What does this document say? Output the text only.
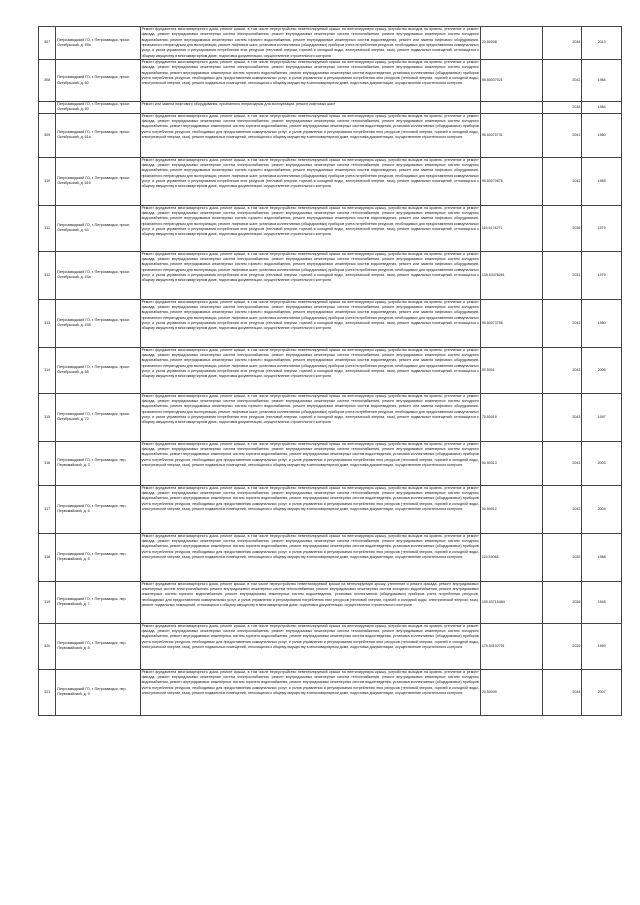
307	Петрозаводский ГО, г. Петрозаводск, просп. Октябрьский, д. 59а	Ремонт фундамента многоквартирного дома, ремонт крыши, в том числе переустройство невентилируемой крыши на вентилируемую крышу, устройство выходов на кровлю, утепление и ремонт фасада, ремонт внутридомовых инженерных систем электроснабжения, ремонт внутридомовых инженерных систем теплоснабжения, ремонт внутридомовых инженерных систем холодного водоснабжения, ремонт внутридомовых инженерных систем горячего водоснабжения, ремонт внутридомовых инженерных систем водоотведения, ремонт или замена лифтового оборудования, признанного непригодным для эксплуатации, ремонт лифтовых шахт, установка коллективных (общедомовых) приборов учета потребления ресурсов, необходимых для предоставления коммунальных услуг, и узлов управления и регулирования потребления этих ресурсов (тепловой энергии, горячей и холодной воды, электрической энергии, газа), ремонт подвальных помещений, относящихся к общему имуществу в многоквартирном доме, подготовка документации, осуществление строительного контроля	20.50008	2044	2013
308	Петрозаводский ГО, г. Петрозаводск, просп. Октябрьский, д. 60	Ремонт фундамента многоквартирного дома, ремонт крыши, в том числе переустройство невентилируемой крыши на вентилируемую крышу, устройство выходов на кровлю, утепление и ремонт фасада, ремонт внутридомовых инженерных систем электроснабжения, ремонт внутридомовых инженерных систем теплоснабжения, ремонт внутридомовых инженерных систем холодного водоснабжения, ремонт внутридомовых инженерных систем горячего водоснабжения, ремонт внутридомовых инженерных систем водоотведения, установка коллективных (общедомовых) приборов учета потребления ресурсов, необходимых для предоставления коммунальных услуг, и узлов управления и регулирования потребления этих ресурсов (тепловой энергии, горячей и холодной воды, электрической энергии, газа), ремонт подвальных помещений, относящихся к общему имуществу в многоквартирном доме, подготовка документации, осуществление строительного контроля	95.50007021	2042	1984
	Петрозаводский ГО, г. Петрозаводск, просп. Октябрьский, д. 60	Ремонт или замена лифтового оборудования, признанного непригодным для эксплуатации, ремонт лифтовых шахт		2018	1984
309	Петрозаводский ГО, г. Петрозаводск, просп. Октябрьский, д. 61а	Ремонт фундамента многоквартирного дома, ремонт крыши, в том числе переустройство невентилируемой крыши на вентилируемую крышу, устройство выходов на кровлю, утепление и ремонт фасада, ремонт внутридомовых инженерных систем электроснабжения, ремонт внутридомовых инженерных систем теплоснабжения, ремонт внутридомовых инженерных систем холодного водоснабжения, ремонт внутридомовых инженерных систем горячего водоснабжения, ремонт внутридомовых инженерных систем водоотведения, установка коллективных (общедомовых) приборов учета потребления ресурсов, необходимых для предоставления коммунальных услуг, и узлов управления и регулирования потребления этих ресурсов (тепловой энергии, горячей и холодной воды, электрической энергии, газа), ремонт подвальных помещений, относящихся к общему имуществу в многоквартирном доме, подготовка документации, осуществление строительного контроля	95.50070731	2041	1980
310	Петрозаводский ГО, г. Петрозаводск, просп. Октябрьский, д. 61б	Ремонт фундамента многоквартирного дома, ремонт крыши, в том числе переустройство невентилируемой крыши на вентилируемую крышу, устройство выходов на кровлю, утепление и ремонт фасада, ремонт внутридомовых инженерных систем электроснабжения, ремонт внутридомовых инженерных систем теплоснабжения, ремонт внутридомовых инженерных систем холодного водоснабжения, ремонт внутридомовых инженерных систем горячего водоснабжения, ремонт внутридомовых инженерных систем водоотведения, ремонт или замена лифтового оборудования, признанного непригодным для эксплуатации, ремонт лифтовых шахт, установка коллективных (общедомовых) приборов учета потребления ресурсов, необходимых для предоставления коммунальных услуг, и узлов управления и регулирования потребления этих ресурсов (тепловой энергии, горячей и холодной воды, электрической энергии, газа), ремонт подвальных помещений, относящихся к общему имуществу в многоквартирном доме, подготовка документации, осуществление строительного контроля	95.50070676	2041	1985
311	Петрозаводский ГО, г. Петрозаводск, просп. Октябрьский, д. 63	Ремонт фундамента многоквартирного дома, ремонт крыши, в том числе переустройство невентилируемой крыши на вентилируемую крышу, устройство выходов на кровлю, утепление и ремонт фасада, ремонт внутридомовых инженерных систем электроснабжения, ремонт внутридомовых инженерных систем теплоснабжения, ремонт внутридомовых инженерных систем холодного водоснабжения, ремонт внутридомовых инженерных систем горячего водоснабжения, ремонт внутридомовых инженерных систем водоотведения, ремонт или замена лифтового оборудования, признанного непригодным для эксплуатации, ремонт лифтовых шахт, установка коллективных (общедомовых) приборов учета потребления ресурсов, необходимых для предоставления коммунальных услуг, и узлов управления и регулирования потребления этих ресурсов (тепловой энергии, горячей и холодной воды, электрической энергии, газа), ремонт подвальных помещений, относящихся к общему имуществу в многоквартирном доме, подготовка документации, осуществление строительного контроля	115.5174271	2036	1979
312	Петрозаводский ГО, г. Петрозаводск, просп. Октябрьский, д. 43а	Ремонт фундамента многоквартирного дома, ремонт крыши, в том числе переустройство невентилируемой крыши на вентилируемую крышу, устройство выходов на кровлю, утепление и ремонт фасада, ремонт внутридомовых инженерных систем электроснабжения, ремонт внутридомовых инженерных систем теплоснабжения, ремонт внутридомовых инженерных систем холодного водоснабжения, ремонт внутридомовых инженерных систем горячего водоснабжения, ремонт внутридомовых инженерных систем водоотведения, ремонт или замена лифтового оборудования, признанного непригодным для эксплуатации, ремонт лифтовых шахт, установка коллективных (общедомовых) приборов учета потребления ресурсов, необходимых для предоставления коммунальных услуг, и узлов управления и регулирования потребления этих ресурсов (тепловой энергии, горячей и холодной воды, электрической энергии, газа), ремонт подвальных помещений, относящихся к общему имуществу в многоквартирном доме, подготовка документации, осуществление строительного контроля	135.53476061	2031	1979
313	Петрозаводский ГО, г. Петрозаводск, просп. Октябрьский, д. 43б	Ремонт фундамента многоквартирного дома, ремонт крыши, в том числе переустройство невентилируемой крыши на вентилируемую крышу, устройство выходов на кровлю, утепление и ремонт фасада, ремонт внутридомовых инженерных систем электроснабжения, ремонт внутридомовых инженерных систем теплоснабжения, ремонт внутридомовых инженерных систем холодного водоснабжения, ремонт внутридомовых инженерных систем горячего водоснабжения, ремонт внутридомовых инженерных систем водоотведения, ремонт или замена лифтового оборудования, признанного непригодным для эксплуатации, ремонт лифтовых шахт, установка коллективных (общедомовых) приборов учета потребления ресурсов, необходимых для предоставления коммунальных услуг, и узлов управления и регулирования потребления этих ресурсов (тепловой энергии, горячей и холодной воды, электрической энергии, газа), ремонт подвальных помещений, относящихся к общему имуществу в многоквартирном доме, подготовка документации, осуществление строительного контроля	95.50073756	2041	1980
314	Петрозаводский ГО, г. Петрозаводск, просп. Октябрьский, д. 68	Ремонт фундамента многоквартирного дома, ремонт крыши, в том числе переустройство невентилируемой крыши на вентилируемую крышу, устройство выходов на кровлю, утепление и ремонт фасада, ремонт внутридомовых инженерных систем электроснабжения, ремонт внутридомовых инженерных систем теплоснабжения, ремонт внутридомовых инженерных систем холодного водоснабжения, ремонт внутридомовых инженерных систем горячего водоснабжения, ремонт внутридомовых инженерных систем водоотведения, ремонт или замена лифтового оборудования, признанного непригодным для эксплуатации, ремонт лифтовых шахт, установка коллективных (общедомовых) приборов учета потребления ресурсов, необходимых для предоставления коммунальных услуг, и узлов управления и регулирования потребления этих ресурсов (тепловой энергии, горячей и холодной воды, электрической энергии, газа), ремонт подвальных помещений, относящихся к общему имуществу в многоквартирном доме, подготовка документации, осуществление строительного контроля	50.5001	2043	2006
315	Петрозаводский ГО, г. Петрозаводск, просп. Октябрьский, д. 70	Ремонт фундамента многоквартирного дома, ремонт крыши, в том числе переустройство невентилируемой крыши на вентилируемую крышу, устройство выходов на кровлю, утепление и ремонт фасада, ремонт внутридомовых инженерных систем электроснабжения, ремонт внутридомовых инженерных систем теплоснабжения, ремонт внутридомовых инженерных систем холодного водоснабжения, ремонт внутридомовых инженерных систем горячего водоснабжения, ремонт внутридомовых инженерных систем водоотведения, ремонт или замена лифтового оборудования, признанного непригодным для эксплуатации, ремонт лифтовых шахт, установка коллективных (общедомовых) приборов учета потребления ресурсов, необходимых для предоставления коммунальных услуг, и узлов управления и регулирования потребления этих ресурсов (тепловой энергии, горячей и холодной воды, электрической энергии, газа), ремонт подвальных помещений, относящихся к общему имуществу в многоквартирном доме, подготовка документации, осуществление строительного контроля	75.50019	2043	1997
316	Петрозаводский ГО, г. Петрозаводск, пер. Первомайский, д. 3	Ремонт фундамента многоквартирного дома, ремонт крыши, в том числе переустройство невентилируемой крыши на вентилируемую крышу, устройство выходов на кровлю, утепление и ремонт фасада, ремонт внутридомовых инженерных систем электроснабжения, ремонт внутридомовых инженерных систем теплоснабжения, ремонт внутридомовых инженерных систем холодного водоснабжения, ремонт внутридомовых инженерных систем горячего водоснабжения, ремонт внутридомовых инженерных систем водоотведения, установка коллективных (общедомовых) приборов учета потребления ресурсов, необходимых для предоставления коммунальных услуг, и узлов управления и регулирования потребления этих ресурсов (тепловой энергии, горячей и холодной воды, электрической энергии, газа), ремонт подвальных помещений, относящихся к общему имуществу в многоквартирном доме, подготовка документации, осуществление строительного контроля	50.50013	2043	2003
317	Петрозаводский ГО, г. Петрозаводск, пер. Первомайский, д. 6	Ремонт фундамента многоквартирного дома, ремонт крыши, в том числе переустройство невентилируемой крыши на вентилируемую крышу, устройство выходов на кровлю, утепление и ремонт фасада, ремонт внутридомовых инженерных систем электроснабжения, ремонт внутридомовых инженерных систем теплоснабжения, ремонт внутридомовых инженерных систем холодного водоснабжения, ремонт внутридомовых инженерных систем горячего водоснабжения, ремонт внутридомовых инженерных систем водоотведения, установка коллективных (общедомовых) приборов учета потребления ресурсов, необходимых для предоставления коммунальных услуг, и узлов управления и регулирования потребления этих ресурсов (тепловой энергии, горячей и холодной воды, электрической энергии, газа), ремонт подвальных помещений, относящихся к общему имуществу в многоквартирном доме, подготовка документации, осуществление строительного контроля	50.50012	2043	2004
318	Петрозаводский ГО, г. Петрозаводск, пер. Первомайский, д. 5	Ремонт фундамента многоквартирного дома, ремонт крыши, в том числе переустройство невентилируемой крыши на вентилируемую крышу, устройство выходов на кровлю, утепление и ремонт фасада, ремонт внутридомовых инженерных систем электроснабжения, ремонт внутридомовых инженерных систем теплоснабжения, ремонт внутридомовых инженерных систем холодного водоснабжения, ремонт внутридомовых инженерных систем горячего водоснабжения, ремонт внутридомовых инженерных систем водоотведения, установка коллективных (общедомовых) приборов учета потребления ресурсов, необходимых для предоставления коммунальных услуг, и узлов управления и регулирования потребления этих ресурсов (тепловой энергии, горячей и холодной воды, электрической энергии, газа), ремонт подвальных помещений, относящихся к общему имуществу в многоквартирном доме, подготовка документации, осуществление строительного контроля	115.53048	2035	1988
319	Петрозаводский ГО, г. Петрозаводск, пер. Первомайский, д. 7	Ремонт фундамента многоквартирного дома, ремонт крыши, в том числе переустройство невентилируемой крыши на вентилируемую крышу, утепление и ремонт фасада, ремонт внутридомовых инженерных систем электроснабжения, ремонт внутридомовых инженерных систем теплоснабжения, ремонт внутридомовых инженерных систем холодного водоснабжения, ремонт внутридомовых инженерных систем горячего водоснабжения, ремонт внутридомовых инженерных систем водоотведения, установка коллективных (общедомовых) приборов учета потребления ресурсов, необходимых для предоставления коммунальных услуг, и узлов управления и регулирования потребления этих ресурсов (тепловой энергии, горячей и холодной воды, электрической энергии, газа), ремонт подвальных помещений, относящихся к общему имуществу в многоквартирном доме, подготовка документации, осуществление строительного контроля	155.53715484	2026	1945
320	Петрозаводский ГО, г. Петрозаводск, пер. Первомайский, д. 8	Ремонт фундамента многоквартирного дома, ремонт крыши, в том числе переустройство невентилируемой крыши на вентилируемую крышу, устройство выходов на кровлю, утепление и ремонт фасада, ремонт внутридомовых инженерных систем электроснабжения, ремонт внутридомовых инженерных систем теплоснабжения, ремонт внутридомовых инженерных систем холодного водоснабжения, ремонт внутридомовых инженерных систем горячего водоснабжения, ремонт внутридомовых инженерных систем водоотведения, установка коллективных (общедомовых) приборов учета потребления ресурсов, необходимых для предоставления коммунальных услуг, и узлов управления и регулирования потребления этих ресурсов (тепловой энергии, горячей и холодной воды, электрической энергии, газа), ремонт подвальных помещений, относящихся к общему имуществу в многоквартирном доме, подготовка документации, осуществление строительного контроля	175.54102751	2029	1959
321	Петрозаводский ГО, г. Петрозаводск, пер. Первомайский, д. 9	Ремонт фундамента многоквартирного дома, ремонт крыши, в том числе переустройство невентилируемой крыши на вентилируемую крышу, устройство выходов на кровлю, утепление и ремонт фасада, ремонт внутридомовых инженерных систем электроснабжения, ремонт внутридомовых инженерных систем теплоснабжения, ремонт внутридомовых инженерных систем холодного водоснабжения, ремонт внутридомовых инженерных систем горячего водоснабжения, ремонт внутридомовых инженерных систем водоотведения, установка коллективных (общедомовых) приборов учета потребления ресурсов, необходимых для предоставления коммунальных услуг, и узлов управления и регулирования потребления этих ресурсов (тепловой энергии, горячей и холодной воды, электрической энергии, газа), ремонт подвальных помещений, относящихся к общему имуществу в многоквартирном доме, подготовка документации, осуществление строительного контроля	20.50009	2044	2007
